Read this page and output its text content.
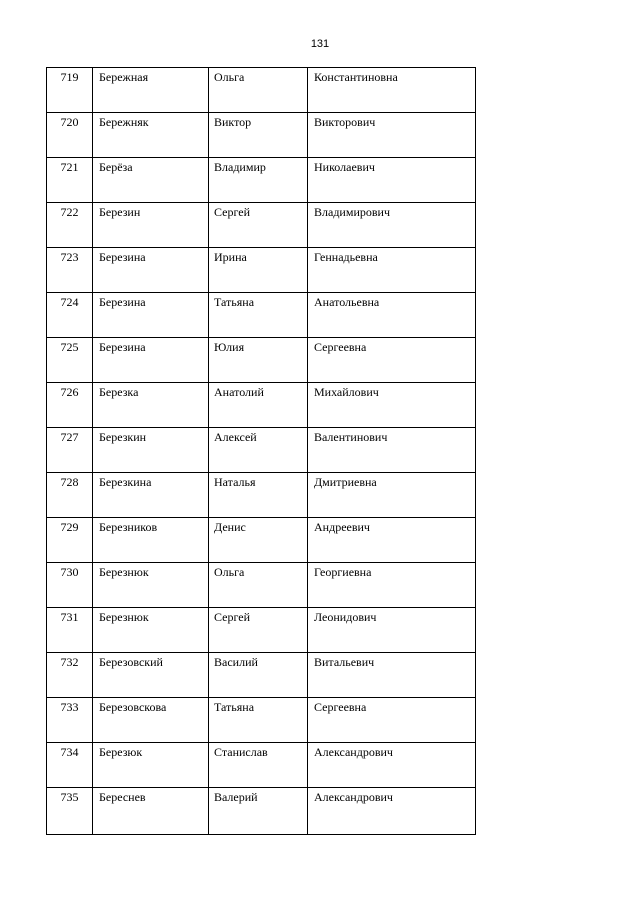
131
719	Бережная	Ольга	Константиновна

720	Бережняк	Виктор	Викторович

721	Берёза	Владимир	Николаевич

722	Березин	Сергей	Владимирович

723	Березина	Ирина	Геннадьевна

724	Березина	Татьяна	Анатольевна

725	Березина	Юлия	Сергеевна

726	Березка	Анатолий	Михайлович

727	Березкин	Алексей	Валентинович

728	Березкина	Наталья	Дмитриевна

729	Березников	Денис	Андреевич

730	Березнюк	Ольга	Георгиевна

731	Березнюк	Сергей	Леонидович

732	Березовский	Василий	Витальевич

733	Березовскова	Татьяна	Сергеевна

734	Березюк	Станислав	Александрович

735	Береснев	Валерий	Александрович
